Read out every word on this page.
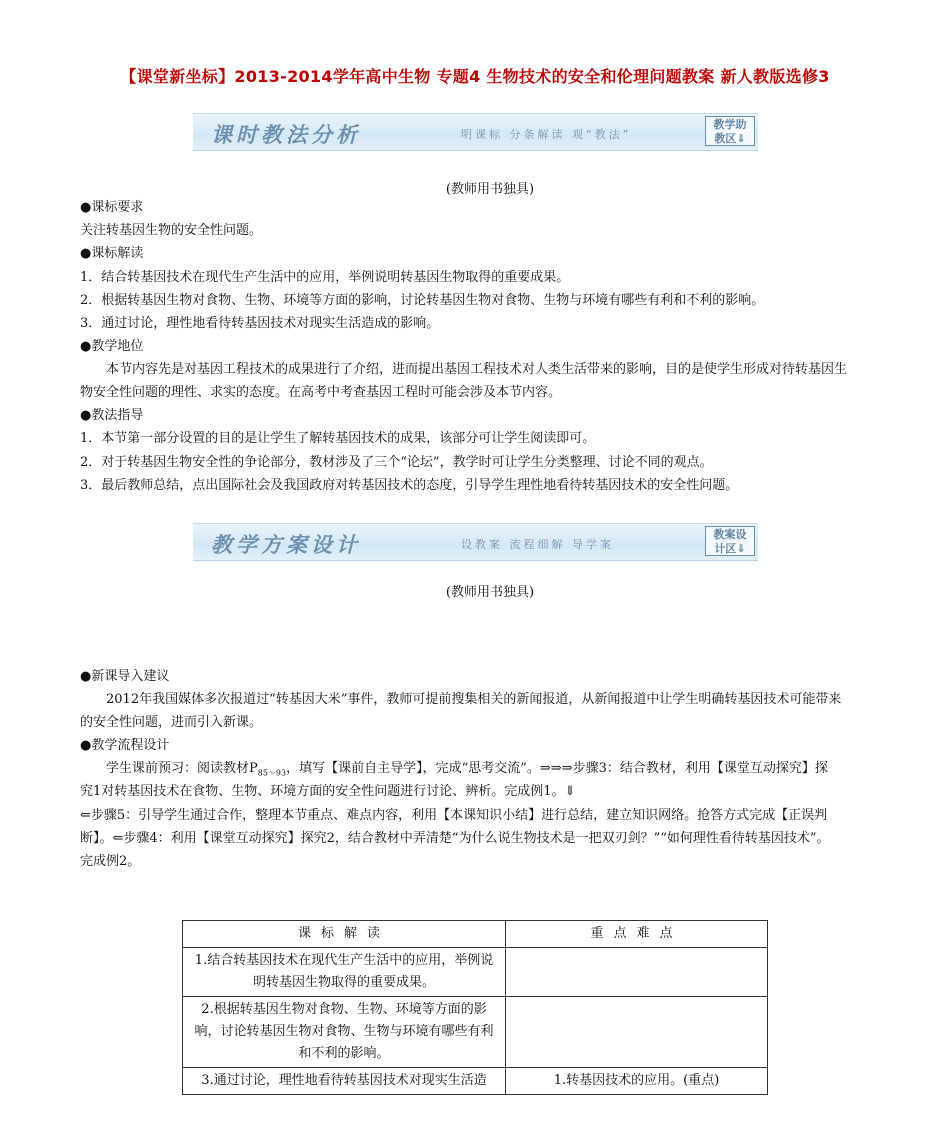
【课堂新坐标】2013-2014学年高中生物 专题4 生物技术的安全和伦理问题教案 新人教版选修3
课时教法分析	明课标 分条解读 观“教法”
教学助
教区⇓
(教师用书独具)
●课标要求
关注转基因生物的安全性问题。
●课标解读
1．结合转基因技术在现代生产生活中的应用，举例说明转基因生物取得的重要成果。
2．根据转基因生物对食物、生物、环境等方面的影响，讨论转基因生物对食物、生物与环境有哪些有利和不利的影响。
3．通过讨论，理性地看待转基因技术对现实生活造成的影响。
●教学地位
本节内容先是对基因工程技术的成果进行了介绍，进而提出基因工程技术对人类生活带来的影响，目的是使学生形成对待转基因生
物安全性问题的理性、求实的态度。在高考中考查基因工程时可能会涉及本节内容。
●教法指导
1．本节第一部分设置的目的是让学生了解转基因技术的成果，该部分可让学生阅读即可。
2．对于转基因生物安全性的争论部分，教材涉及了三个“论坛”，教学时可让学生分类整理、讨论不同的观点。
3．最后教师总结，点出国际社会及我国政府对转基因技术的态度，引导学生理性地看待转基因技术的安全性问题。
教学方案设计	设教案 流程细解 导学案
教案设
计区⇓
(教师用书独具)
●新课导入建议
2012年我国媒体多次报道过“转基因大米”事件，教师可提前搜集相关的新闻报道，从新闻报道中让学生明确转基因技术可能带来
的安全性问题，进而引入新课。
●教学流程设计
学生课前预习：阅读教材$P_{85\sim 93}$，填写【课前自主导学】，完成“思考交流”。⇒⇒⇒步骤3：结合教材，利用【课堂互动探究】探
究1对转基因技术在食物、生物、环境方面的安全性问题进行讨论、辨析。完成例1。⇓
⇐步骤5：引导学生通过合作，整理本节重点、难点内容，利用【本课知识小结】进行总结，建立知识网络。抢答方式完成【正误判
断】。⇐步骤4：利用【课堂互动探究】探究2，结合教材中弄清楚“为什么说生物技术是一把双刃剑？”“如何理性看待转基因技术”。
完成例2。
课标解读	重点难点
1.结合转基因技术在现代生产生活中的应用，举例说明转基因生物取得的重要成果。	
2.根据转基因生物对食物、生物、环境等方面的影响，讨论转基因生物对食物、生物与环境有哪些有利和不利的影响。	
3.通过讨论，理性地看待转基因技术对现实生活造	1.转基因技术的应用。(重点)
